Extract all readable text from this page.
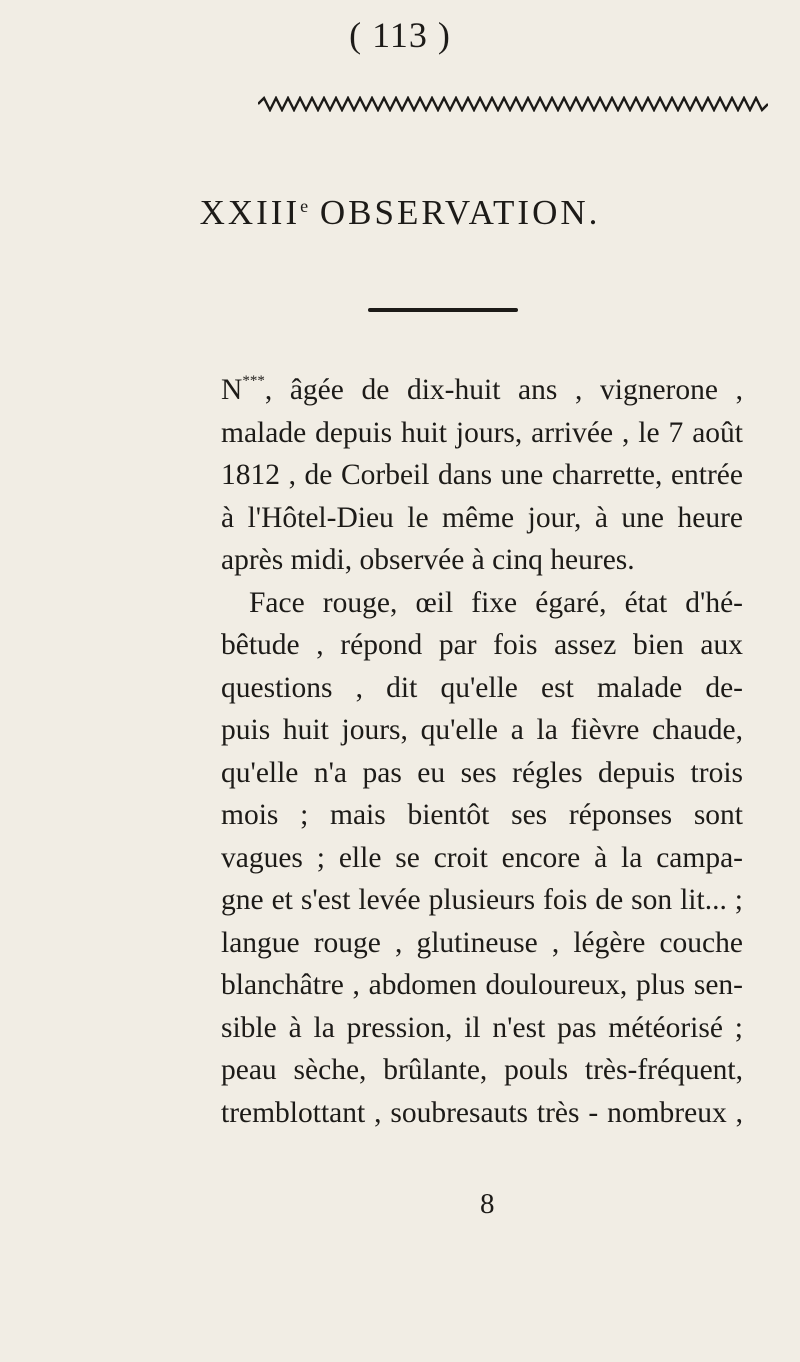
( 113 )
XXIIIe OBSERVATION.
N***, âgée de dix-huit ans , vignerone ,
malade depuis huit jours, arrivée , le 7 août
1812 , de Corbeil dans une charrette, entrée
à l'Hôtel-Dieu le même jour, à une heure
après midi, observée à cinq heures.
Face rouge, œil fixe égaré, état d'hé-
bêtude , répond par fois assez bien aux
questions , dit qu'elle est malade de-
puis huit jours, qu'elle a la fièvre chaude,
qu'elle n'a pas eu ses régles depuis trois
mois ; mais bientôt ses réponses sont
vagues ; elle se croit encore à la campa-
gne et s'est levée plusieurs fois de son lit... ;
langue rouge , glutineuse , légère couche
blanchâtre , abdomen douloureux, plus sen-
sible à la pression, il n'est pas météorisé ;
peau sèche, brûlante, pouls très-fréquent,
tremblottant , soubresauts très - nombreux ,
8
